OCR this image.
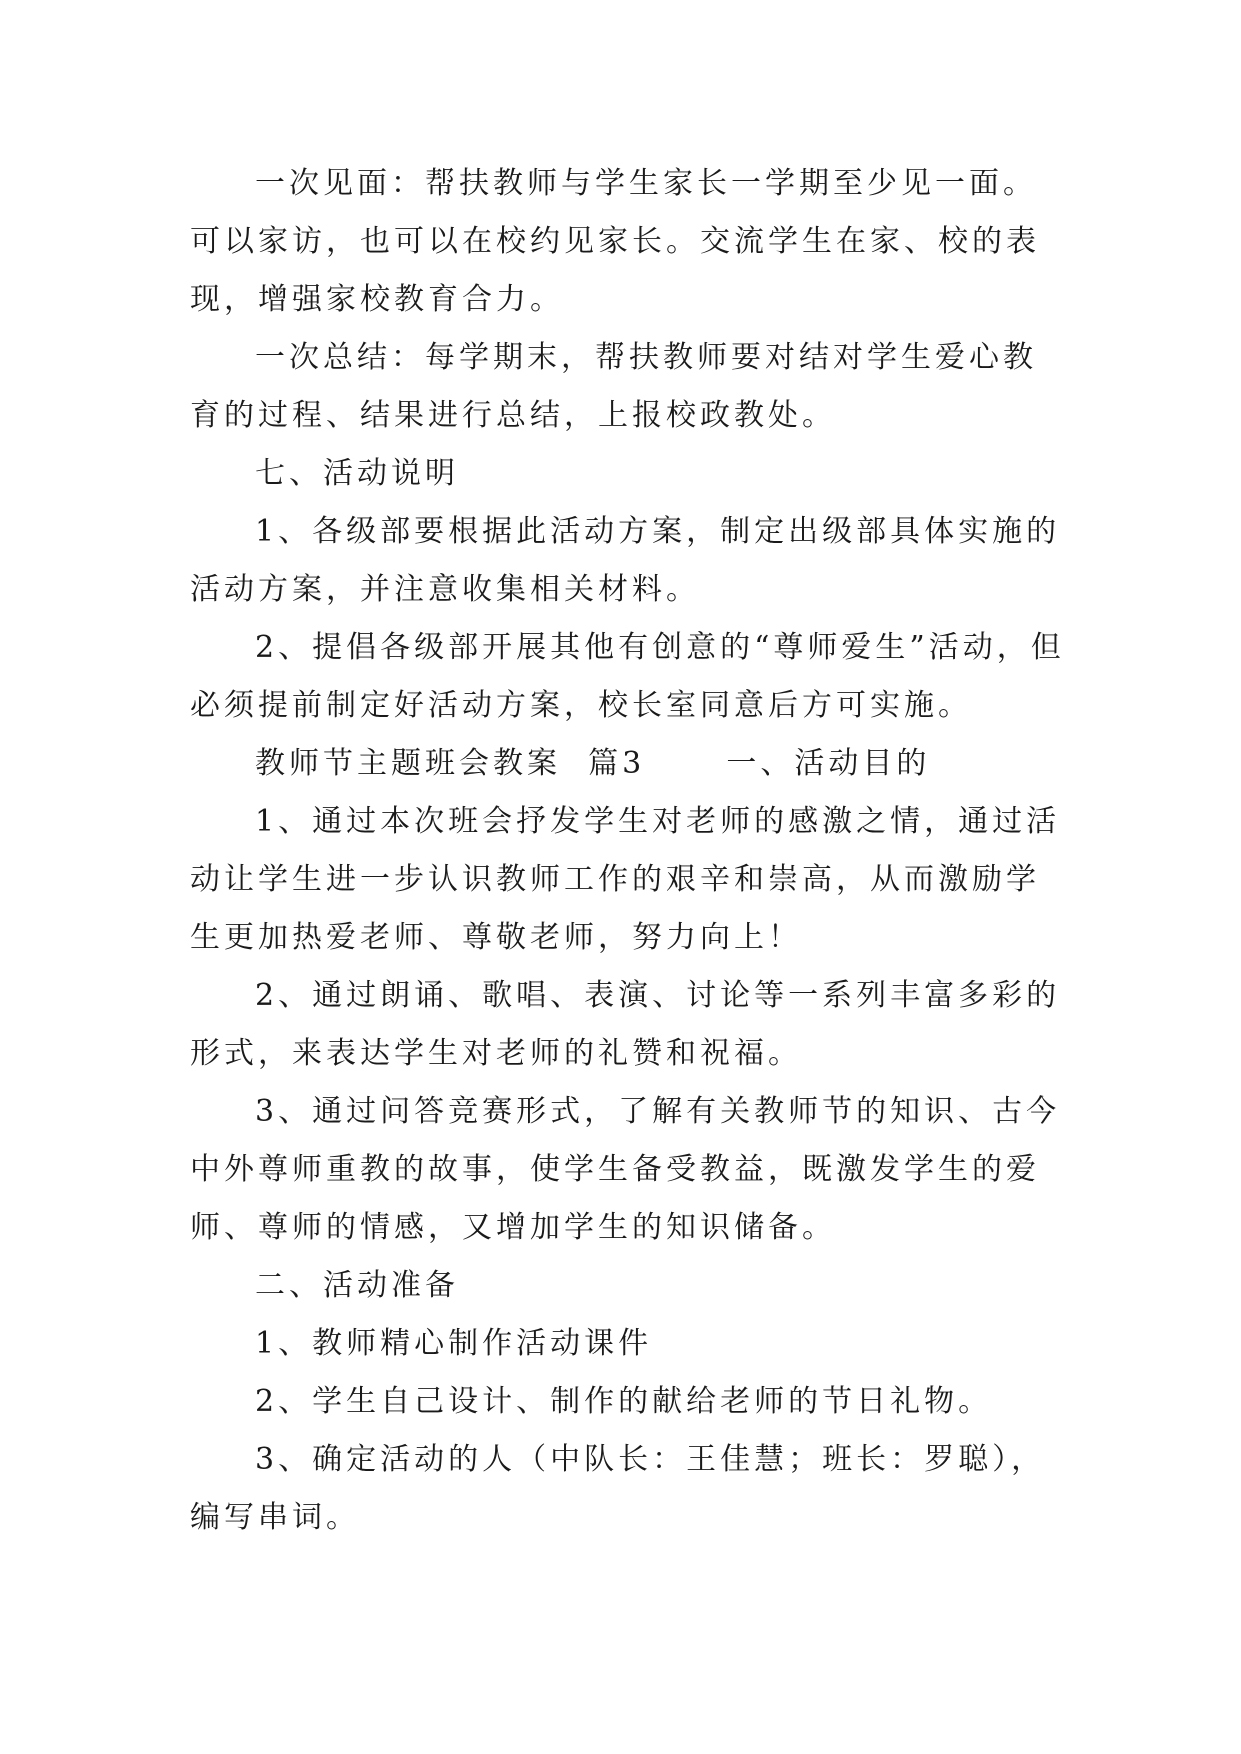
一次见面：帮扶教师与学生家长一学期至少见一面。可以家访，也可以在校约见家长。交流学生在家、校的表现，增强家校教育合力。

一次总结：每学期末，帮扶教师要对结对学生爱心教育的过程、结果进行总结，上报校政教处。

七、活动说明

1、各级部要根据此活动方案，制定出级部具体实施的活动方案，并注意收集相关材料。

2、提倡各级部开展其他有创意的“尊师爱生”活动，但必须提前制定好活动方案，校长室同意后方可实施。

教师节主题班会教案  篇3      一、活动目的

1、通过本次班会抒发学生对老师的感激之情，通过活动让学生进一步认识教师工作的艰辛和崇高，从而激励学生更加热爱老师、尊敬老师，努力向上！

2、通过朗诵、歌唱、表演、讨论等一系列丰富多彩的形式，来表达学生对老师的礼赞和祝福。

3、通过问答竞赛形式，了解有关教师节的知识、古今中外尊师重教的故事，使学生备受教益，既激发学生的爱师、尊师的情感，又增加学生的知识储备。

二、活动准备

1、教师精心制作活动课件

2、学生自己设计、制作的献给老师的节日礼物。

3、确定活动的人（中队长：王佳慧；班长：罗聪），编写串词。
